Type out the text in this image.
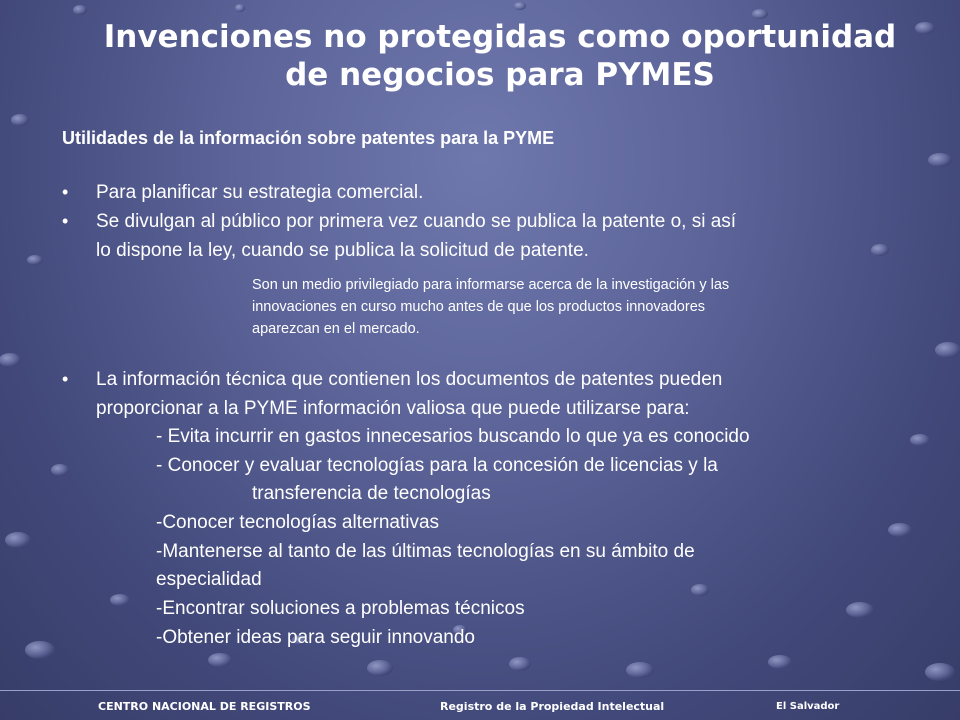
Invenciones no protegidas como oportunidad
de negocios para PYMES

Utilidades de la información sobre patentes para la PYME

• Para planificar su estrategia comercial.
• Se divulgan al público por primera vez cuando se publica la patente o, si así
lo dispone la ley, cuando se publica la solicitud de patente.
Son un medio privilegiado para informarse acerca de la investigación y las
innovaciones en curso mucho antes de que los productos innovadores
aparezcan en el mercado.
• La información técnica que contienen los documentos de patentes pueden
proporcionar a la PYME información valiosa que puede utilizarse para:
- Evita incurrir en gastos innecesarios buscando lo que ya es conocido
- Conocer y evaluar tecnologías para la concesión de licencias y la
transferencia de tecnologías
-Conocer tecnologías alternativas
-Mantenerse al tanto de las últimas tecnologías en su ámbito de
especialidad
-Encontrar soluciones a problemas técnicos
-Obtener ideas para seguir innovando
CENTRO NACIONAL DE REGISTROS	Registro de la Propiedad Intelectual	El Salvador
